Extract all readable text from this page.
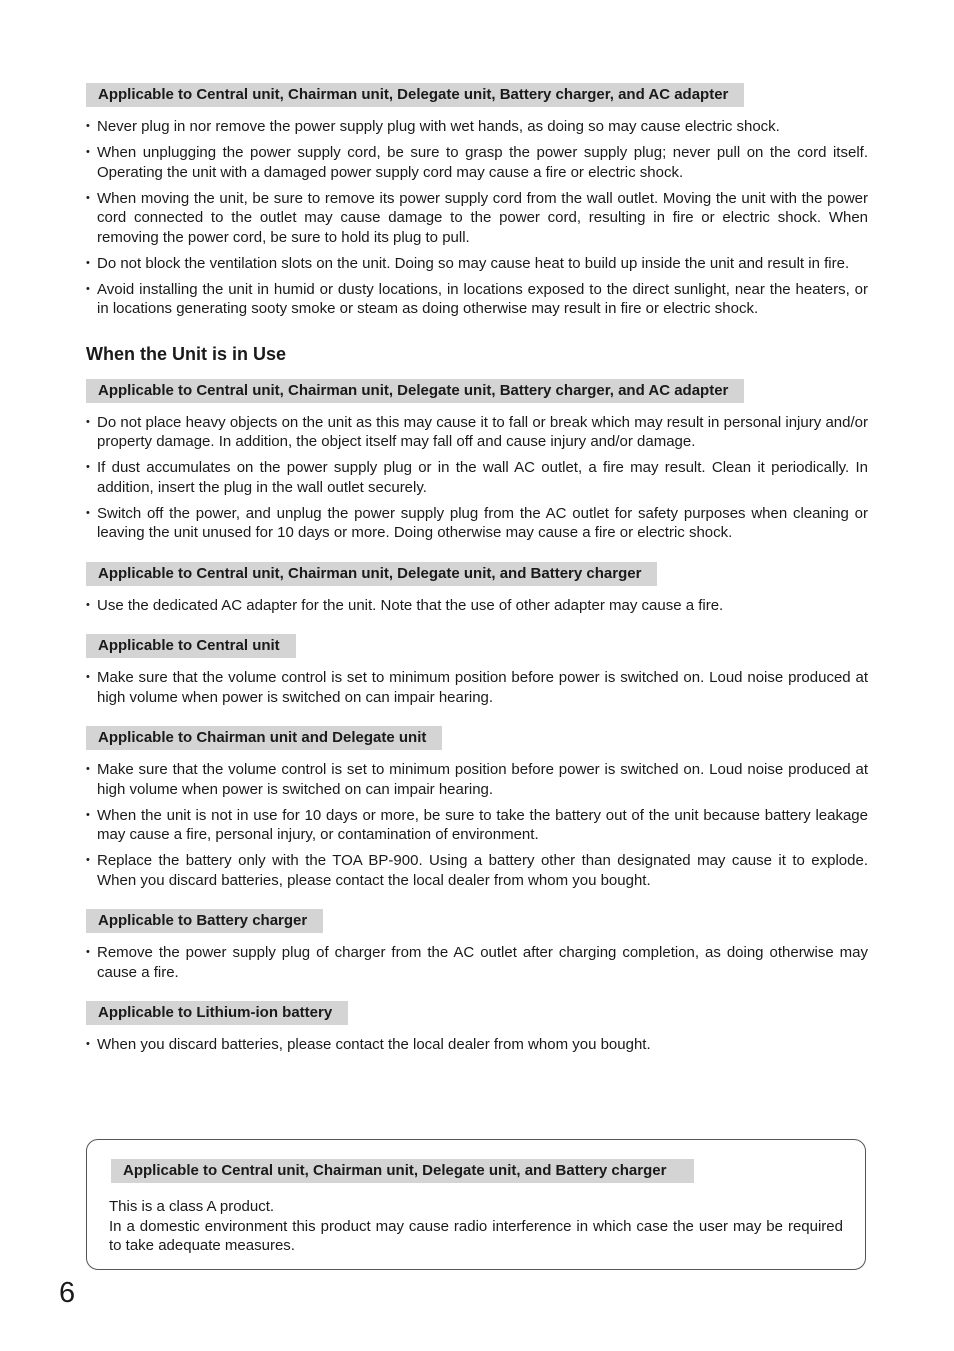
Applicable to Central unit, Chairman unit, Delegate unit, Battery charger, and AC adapter
• Never plug in nor remove the power supply plug with wet hands, as doing so may cause electric shock.
• When unplugging the power supply cord, be sure to grasp the power supply plug; never pull on the cord itself. Operating the unit with a damaged power supply cord may cause a fire or electric shock.
• When moving the unit, be sure to remove its power supply cord from the wall outlet. Moving the unit with the power cord connected to the outlet may cause damage to the power cord, resulting in fire or electric shock. When removing the power cord, be sure to hold its plug to pull.
• Do not block the ventilation slots on the unit. Doing so may cause heat to build up inside the unit and result in fire.
• Avoid installing the unit in humid or dusty locations, in locations exposed to the direct sunlight, near the heaters, or in locations generating sooty smoke or steam as doing otherwise may result in fire or electric shock.
When the Unit is in Use
Applicable to Central unit, Chairman unit, Delegate unit, Battery charger, and AC adapter
• Do not place heavy objects on the unit as this may cause it to fall or break which may result in personal injury and/or property damage. In addition, the object itself may fall off and cause injury and/or damage.
• If dust accumulates on the power supply plug or in the wall AC outlet, a fire may result. Clean it periodically. In addition, insert the plug in the wall outlet securely.
• Switch off the power, and unplug the power supply plug from the AC outlet for safety purposes when cleaning or leaving the unit unused for 10 days or more. Doing otherwise may cause a fire or electric shock.
Applicable to Central unit, Chairman unit, Delegate unit, and Battery charger
• Use the dedicated AC adapter for the unit. Note that the use of other adapter may cause a fire.
Applicable to Central unit
• Make sure that the volume control is set to minimum position before power is switched on. Loud noise produced at high volume when power is switched on can impair hearing.
Applicable to Chairman unit and Delegate unit
• Make sure that the volume control is set to minimum position before power is switched on. Loud noise produced at high volume when power is switched on can impair hearing.
• When the unit is not in use for 10 days or more, be sure to take the battery out of the unit because battery leakage may cause a fire, personal injury, or contamination of environment.
• Replace the battery only with the TOA BP-900. Using a battery other than designated may cause it to explode. When you discard batteries, please contact the local dealer from whom you bought.
Applicable to Battery charger
• Remove the power supply plug of charger from the AC outlet after charging completion, as doing otherwise may cause a fire.
Applicable to Lithium-ion battery
• When you discard batteries, please contact the local dealer from whom you bought.
Applicable to Central unit, Chairman unit, Delegate unit, and Battery charger

This is a class A product.

In a domestic environment this product may cause radio interference in which case the user may be required to take adequate measures.

6
